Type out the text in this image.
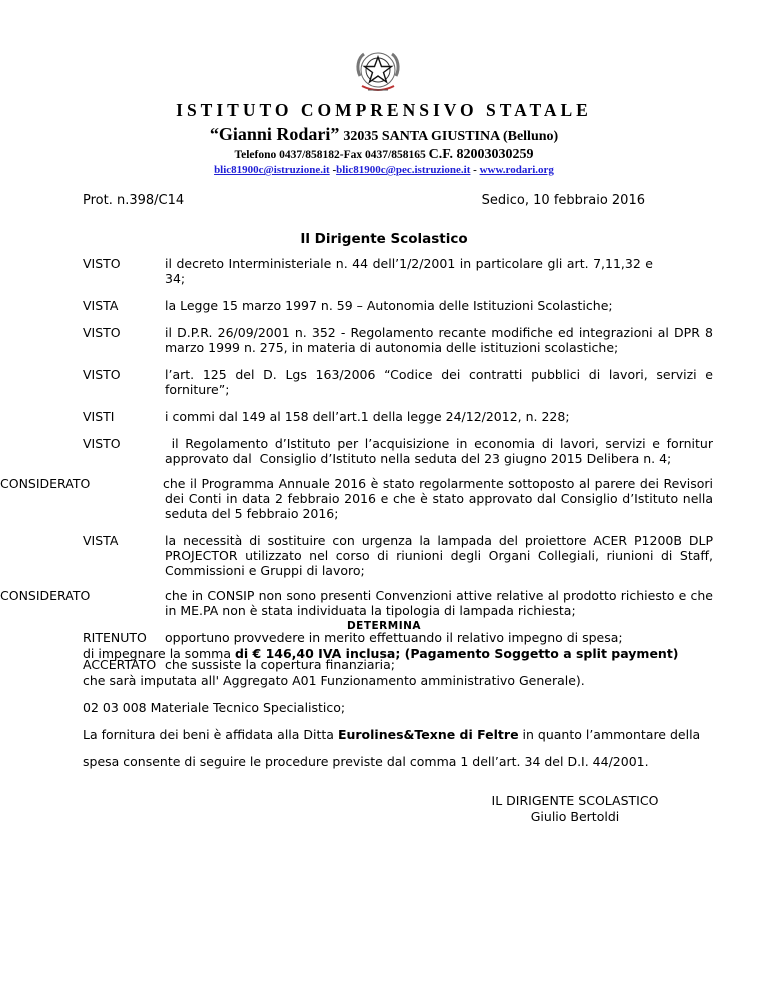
ISTITUTO COMPRENSIVO STATALE
“Gianni Rodari” 32035 SANTA GIUSTINA (Belluno)
Telefono 0437/858182-Fax 0437/858165 C.F. 82003030259
blic81900c@istruzione.it -blic81900c@pec.istruzione.it - www.rodari.org
Prot. n.398/C14	Sedico, 10 febbraio 2016
Il Dirigente Scolastico
VISTO	il decreto Interministeriale n. 44 dell’1/2/2001 in particolare gli art. 7,11,32 e 34;
VISTA	la Legge 15 marzo 1997 n. 59 – Autonomia delle Istituzioni Scolastiche;
VISTO	il D.P.R. 26/09/2001 n. 352 - Regolamento recante modifiche ed integrazioni al DPR 8 marzo 1999 n. 275, in materia di autonomia delle istituzioni scolastiche;
VISTO	l’art. 125 del D. Lgs 163/2006 “Codice dei contratti pubblici di lavori, servizi e forniture”;
VISTI	i commi dal 149 al 158 dell’art.1 della legge 24/12/2012, n. 228;
VISTO	il Regolamento d’Istituto per l’acquisizione in economia di lavori, servizi e fornitur approvato dal  Consiglio d’Istituto nella seduta del 23 giugno 2015 Delibera n. 4;
CONSIDERATO	che il Programma Annuale 2016 è stato regolarmente sottoposto al parere dei Revisori dei Conti in data 2 febbraio 2016 e che è stato approvato dal Consiglio d’Istituto nella seduta del 5 febbraio 2016;
VISTA	la necessità di sostituire con urgenza la lampada del proiettore ACER P1200B DLP PROJECTOR utilizzato nel corso di riunioni degli Organi Collegiali, riunioni di Staff, Commissioni e Gruppi di lavoro;
CONSIDERATO	che in CONSIP non sono presenti Convenzioni attive relative al prodotto richiesto e che in ME.PA non è stata individuata la tipologia di lampada richiesta;
RITENUTO opportuno provvedere in merito effettuando il relativo impegno di spesa;
ACCERTATO che sussiste la copertura finanziaria;
DETERMINA

di impegnare la somma di € 146,40 IVA inclusa; (Pagamento Soggetto a split payment)

che sarà imputata all' Aggregato A01 Funzionamento amministrativo Generale).

02 03 008 Materiale Tecnico Specialistico;

La fornitura dei beni è affidata alla Ditta Eurolines&Texne di Feltre in quanto l’ammontare della

spesa consente di seguire le procedure previste dal comma 1 dell’art. 34 del D.I. 44/2001.

IL DIRIGENTE SCOLASTICO
Giulio Bertoldi
